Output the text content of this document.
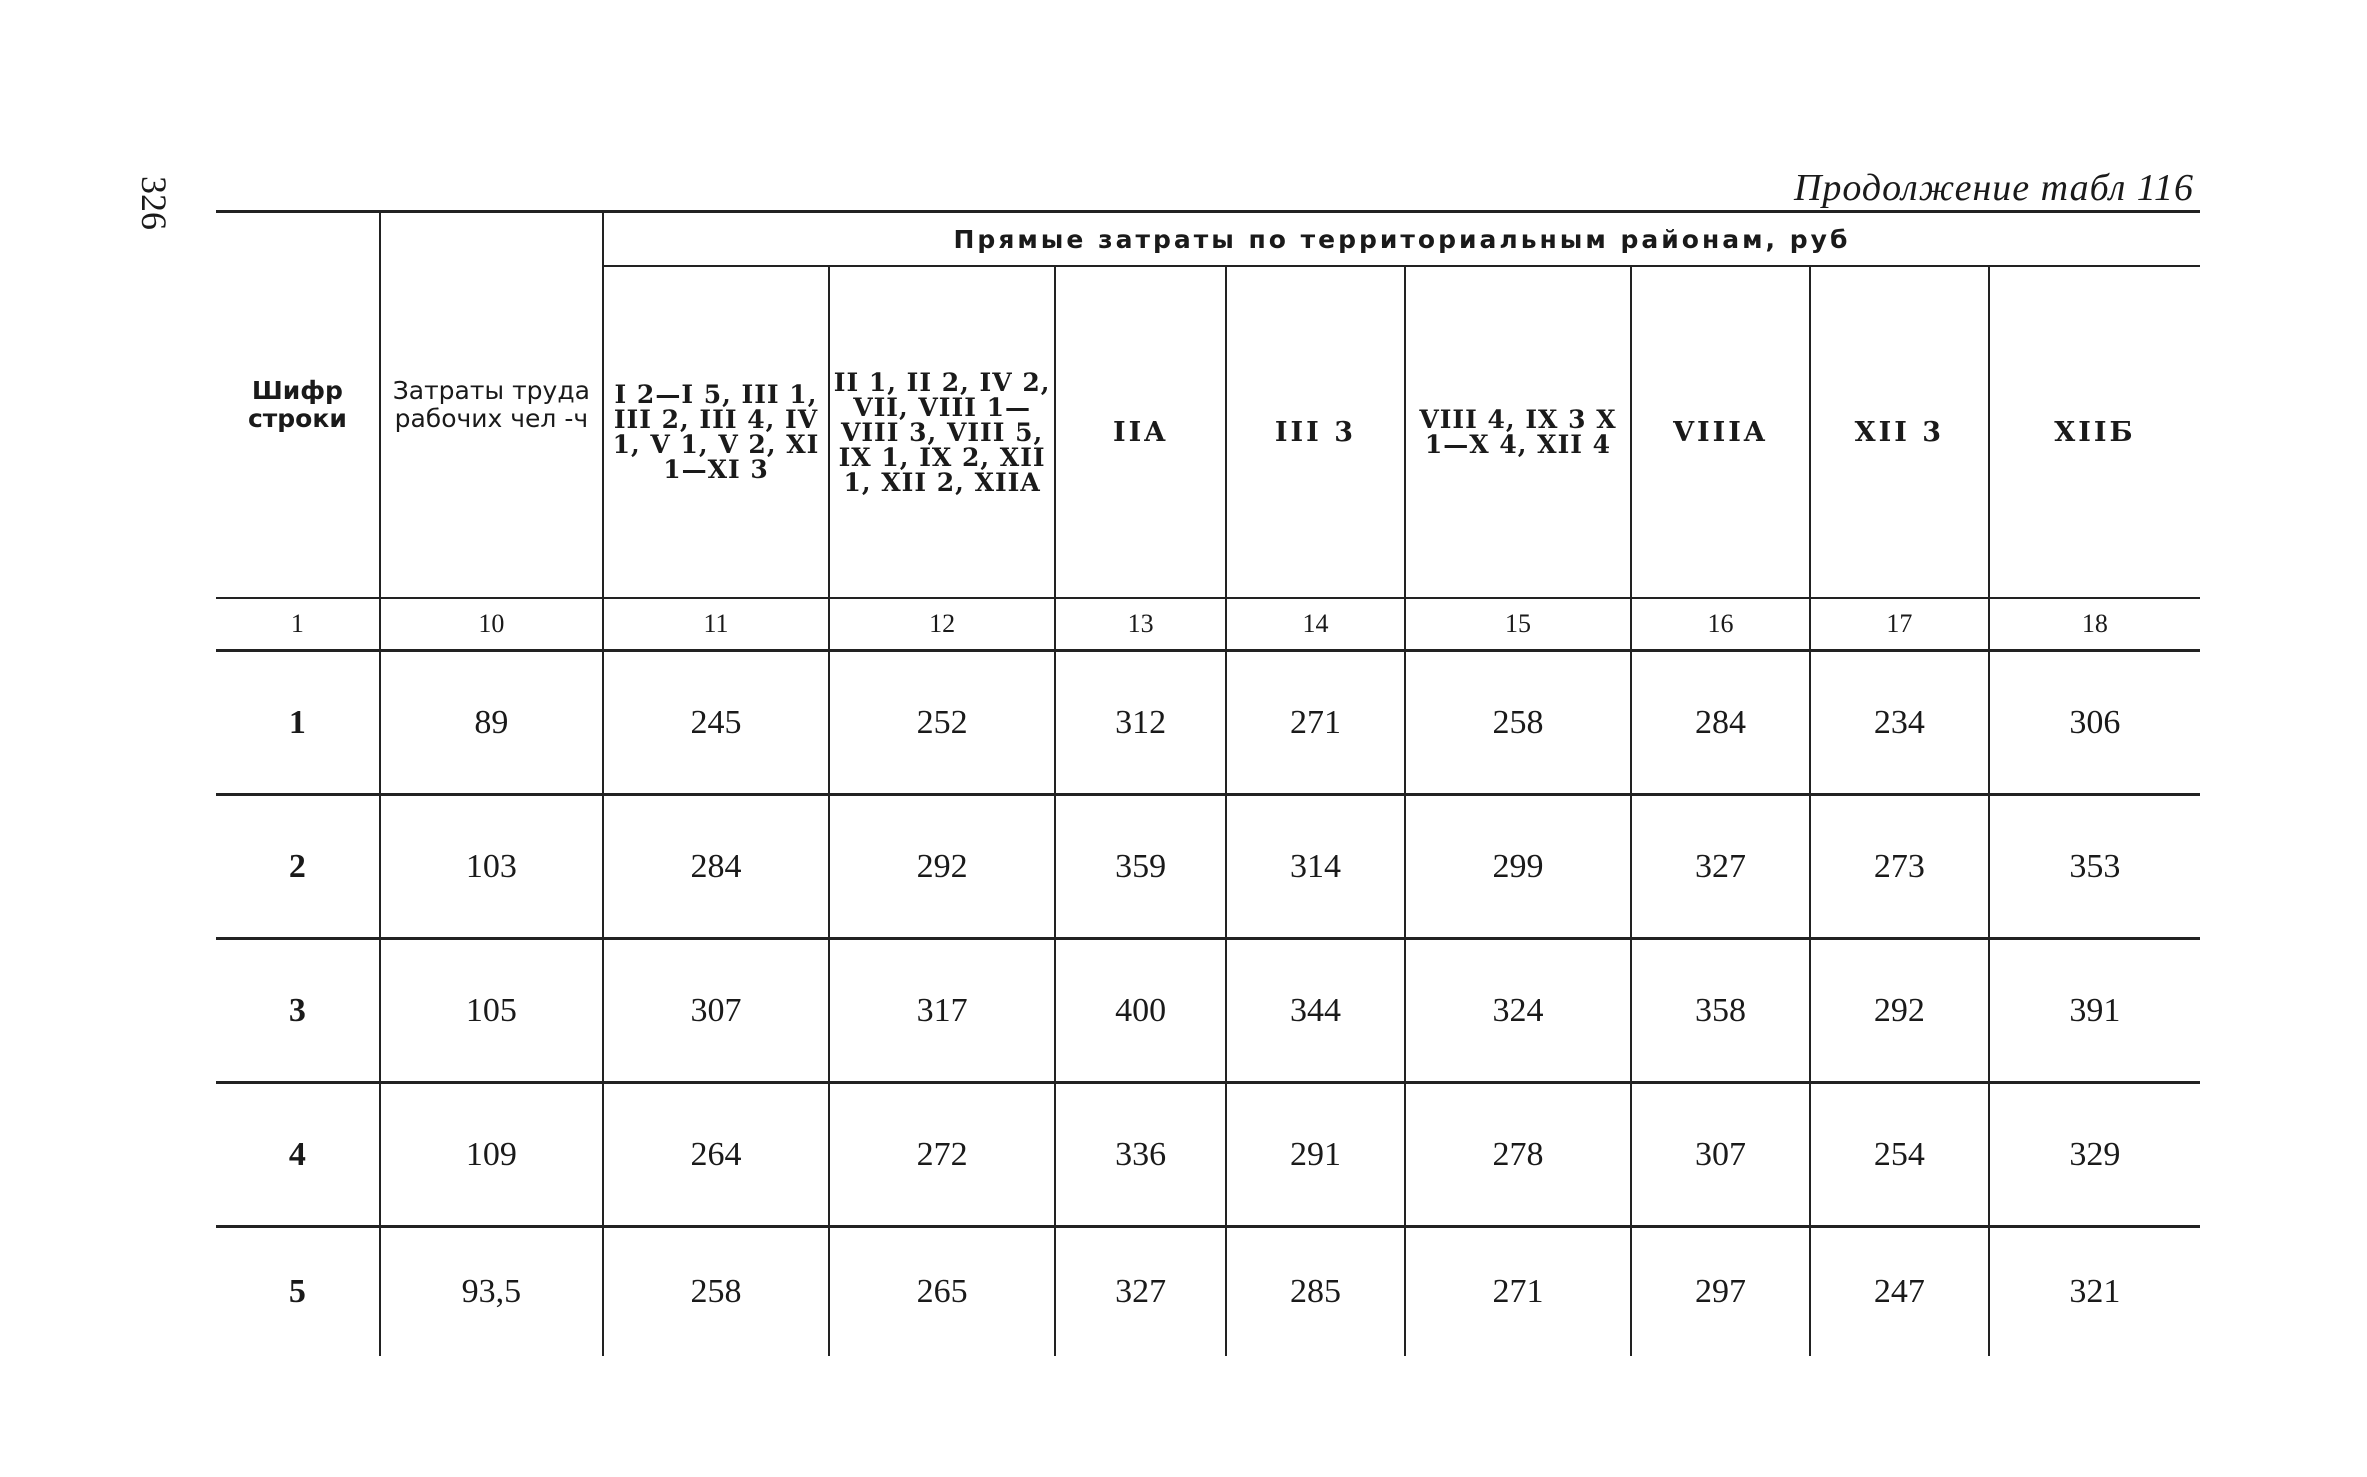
326	Продолжение табл 116
Шифр строки	Затраты труда рабочих чел -ч	Прямые затраты по территориальным районам, руб							
		I 2—I 5, III 1, III 2, III 4, IV 1, V 1, V 2, XI 1—XI 3	II 1, II 2, IV 2, VII, VIII 1—VIII 3, VIII 5, IX 1, IX 2, XII 1, XII 2, XIIA	IIA	III 3	VIII 4, IX 3 X 1—X 4, XII 4	VIIIA	XII 3	XIIБ
1	10	11	12	13	14	15	16	17	18
1	89	245	252	312	271	258	284	234	306
2	103	284	292	359	314	299	327	273	353
3	105	307	317	400	344	324	358	292	391
4	109	264	272	336	291	278	307	254	329
5	93,5	258	265	327	285	271	297	247	321
